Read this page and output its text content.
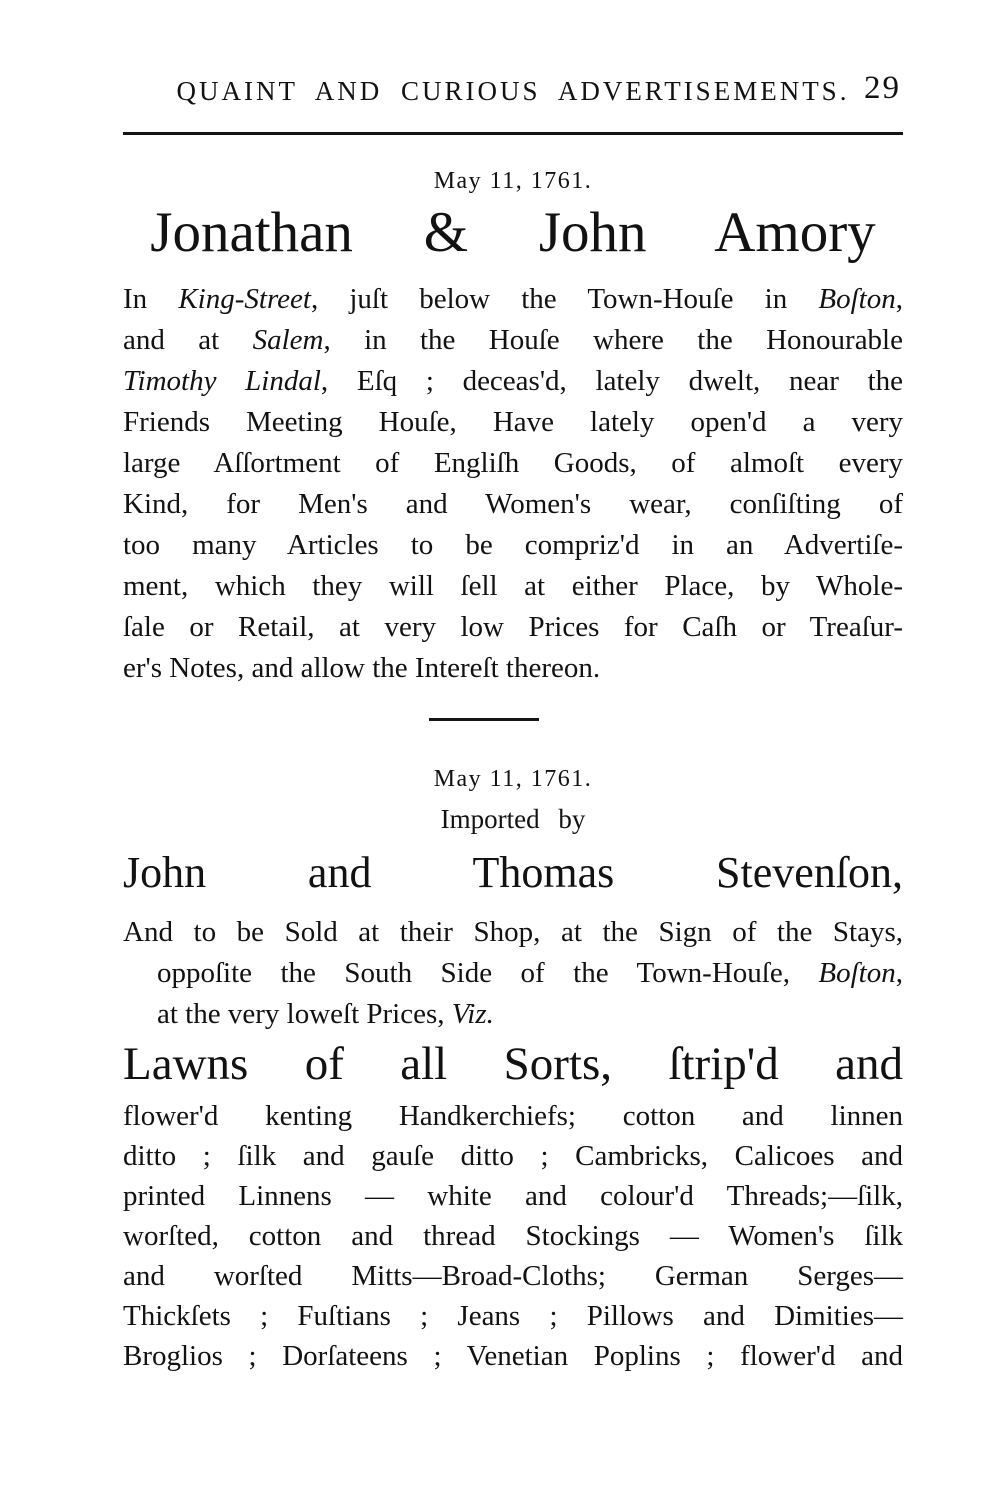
QUAINT AND CURIOUS ADVERTISEMENTS. 29
May 11, 1761.
Jonathan & John Amory
In King-Street, juſt below the Town-Houſe in Boſton,
and at Salem, in the Houſe where the Honourable
Timothy Lindal, Eſq ; deceas'd, lately dwelt, near the
Friends Meeting Houſe, Have lately open'd a very
large Aſſortment of Engliſh Goods, of almoſt every
Kind, for Men's and Women's wear, conſiſting of
too many Articles to be compriz'd in an Advertiſe-
ment, which they will ſell at either Place, by Whole-
ſale or Retail, at very low Prices for Caſh or Treaſur-
er's Notes, and allow the Intereſt thereon.
May 11, 1761.
Imported by
John and Thomas Stevenſon,
And to be Sold at their Shop, at the Sign of the Stays,
oppoſite the South Side of the Town-Houſe, Boſton,
at the very loweſt Prices, Viz.
Lawns of all Sorts, ſtrip'd and
flower'd kenting Handkerchiefs; cotton and linnen
ditto ; ſilk and gauſe ditto ; Cambricks, Calicoes and
printed Linnens — white and colour'd Threads;—ſilk,
worſted, cotton and thread Stockings — Women's ſilk
and worſted Mitts—Broad-Cloths; German Serges—
Thickſets ; Fuſtians ; Jeans ; Pillows and Dimities—
Broglios ; Dorſateens ; Venetian Poplins ; flower'd and
